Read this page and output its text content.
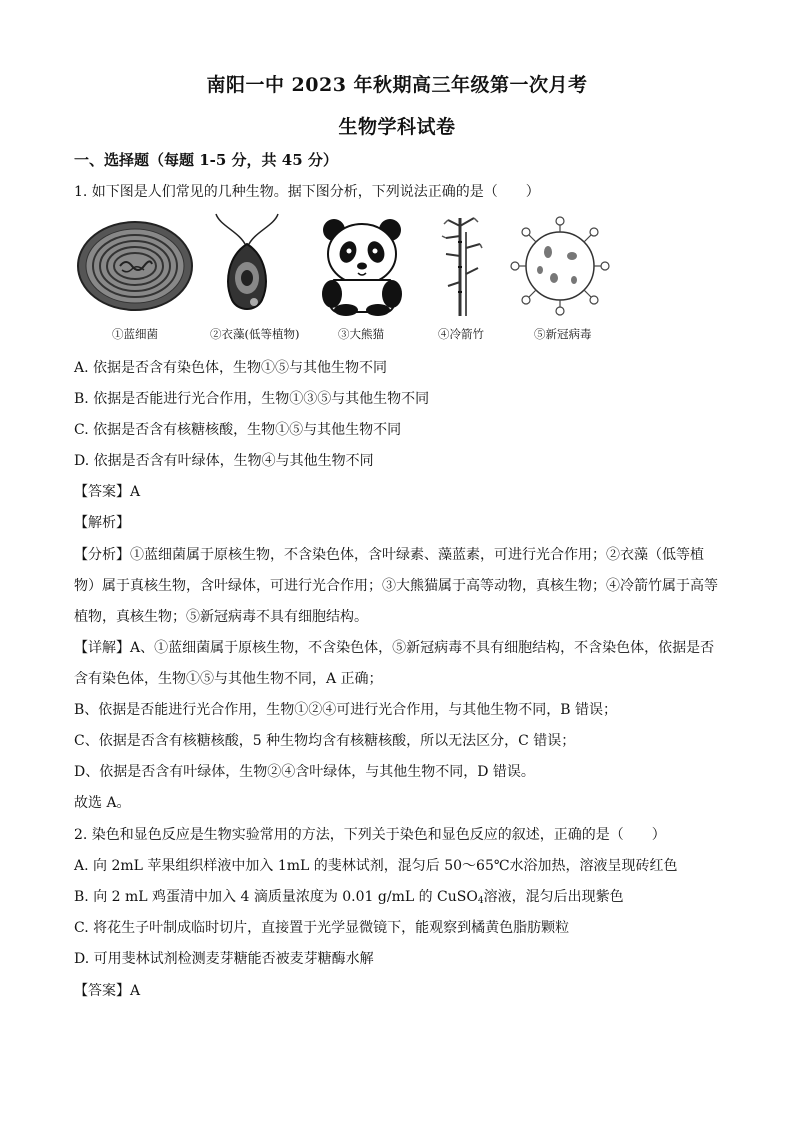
南阳一中 2023 年秋期高三年级第一次月考
生物学科试卷
一、选择题（每题 1-5 分，共 45 分）
1. 如下图是人们常见的几种生物。据下图分析，下列说法正确的是（　　）
①蓝细菌	②衣藻(低等植物)	③大熊猫	④冷箭竹	⑤新冠病毒
A. 依据是否含有染色体，生物①⑤与其他生物不同
B. 依据是否能进行光合作用，生物①③⑤与其他生物不同
C. 依据是否含有核糖核酸，生物①⑤与其他生物不同
D. 依据是否含有叶绿体，生物④与其他生物不同
【答案】A
【解析】
【分析】①蓝细菌属于原核生物，不含染色体，含叶绿素、藻蓝素，可进行光合作用；②衣藻（低等植
物）属于真核生物，含叶绿体，可进行光合作用；③大熊猫属于高等动物，真核生物；④冷箭竹属于高等
植物，真核生物；⑤新冠病毒不具有细胞结构。
【详解】A、①蓝细菌属于原核生物，不含染色体，⑤新冠病毒不具有细胞结构，不含染色体，依据是否
含有染色体，生物①⑤与其他生物不同，A 正确；
B、依据是否能进行光合作用，生物①②④可进行光合作用，与其他生物不同，B 错误；
C、依据是否含有核糖核酸，5 种生物均含有核糖核酸，所以无法区分，C 错误；
D、依据是否含有叶绿体，生物②④含叶绿体，与其他生物不同，D 错误。
故选 A。
2. 染色和显色反应是生物实验常用的方法，下列关于染色和显色反应的叙述，正确的是（　　）
A. 向 2mL 苹果组织样液中加入 1mL 的斐林试剂，混匀后 50～65℃水浴加热，溶液呈现砖红色
B. 向 2 mL 鸡蛋清中加入 4 滴质量浓度为 0.01 g/mL 的 CuSO$_4$溶液，混匀后出现紫色
C. 将花生子叶制成临时切片，直接置于光学显微镜下，能观察到橘黄色脂肪颗粒
D. 可用斐林试剂检测麦芽糖能否被麦芽糖酶水解
【答案】A
